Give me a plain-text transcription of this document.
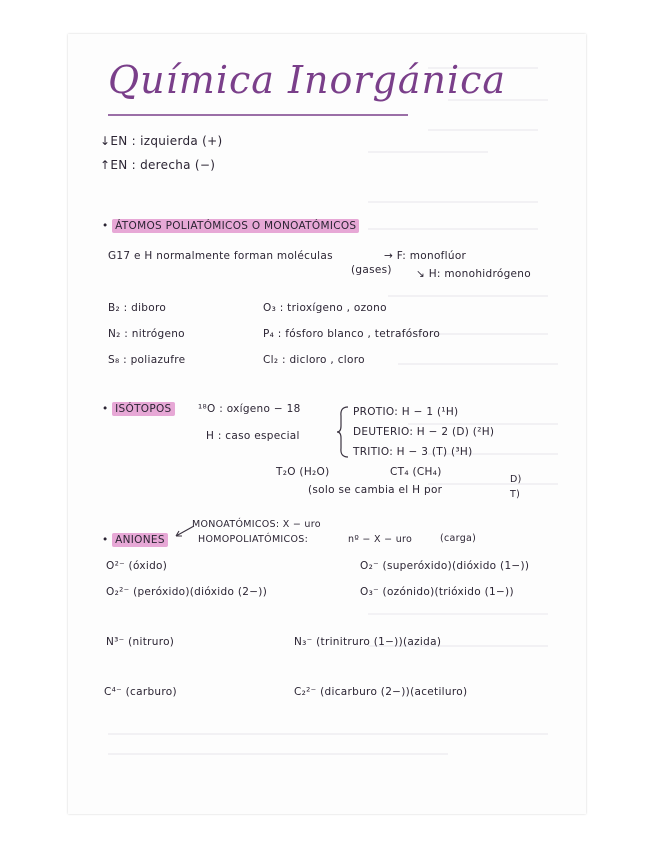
Química Inorgánica
↓EN : izquierda (+)
↑EN : derecha (−)
• ÁTOMOS POLIATÓMICOS O MONOATÓMICOS
G17 e H normalmente forman moléculas
(gases)
→ F: monoflúor
↘ H: monohidrógeno
B₂ : diboro	O₃ : trioxígeno , ozono
N₂ : nitrógeno	P₄ : fósforo blanco , tetrafósforo
S₈ : poliazufre	Cl₂ : dicloro , cloro
• ISÓTOPOS	¹⁸O : oxígeno − 18
H : caso especial
PROTIO: H − 1 (¹H)
DEUTERIO: H − 2 (D) (²H)
TRITIO: H − 3 (T) (³H)
T₂O (H₂O)	CT₄ (CH₄)
(solo se cambia el H por
D)
T)
MONOATÓMICOS: X − uro
• ANIONES	HOMOPOLIATÓMICOS:	nº − X − uro	(carga)
O²⁻ (óxido)	O₂⁻ (superóxido)(dióxido (1−))
O₂²⁻ (peróxido)(dióxido (2−))	O₃⁻ (ozónido)(trióxido (1−))
N³⁻ (nitruro)	N₃⁻ (trinitruro (1−))(azida)
C⁴⁻ (carburo)	C₂²⁻ (dicarburo (2−))(acetiluro)
